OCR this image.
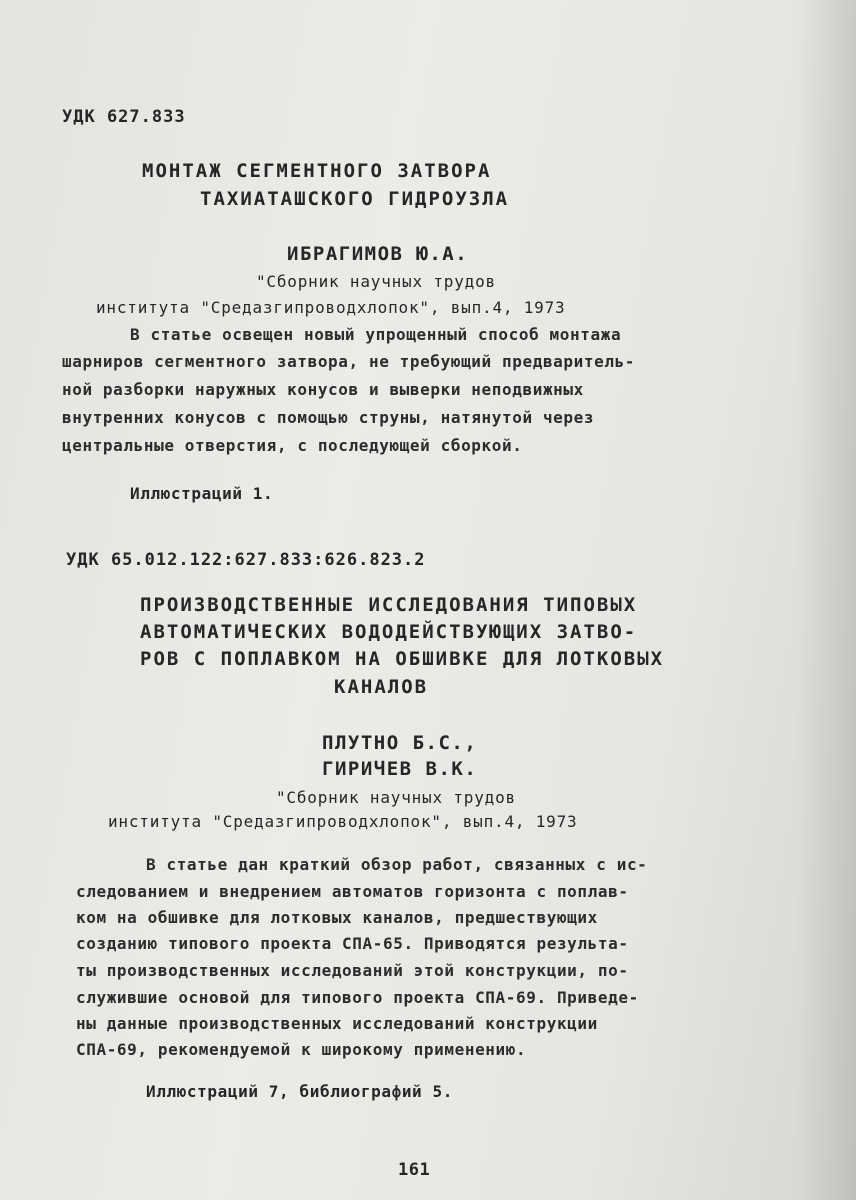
УДК 627.833
МОНТАЖ СЕГМЕНТНОГО ЗАТВОРА
ТАХИАТАШСКОГО ГИДРОУЗЛА
ИБРАГИМОВ Ю.А.
"Сборник научных трудов
института "Средазгипроводхлопок", вып.4, 1973
В статье освещен новый упрощенный способ монтажа
шарниров сегментного затвора, не требующий предваритель-
ной разборки наружных конусов и выверки неподвижных
внутренних конусов с помощью струны, натянутой через
центральные отверстия, с последующей сборкой.
Иллюстраций 1.
УДК 65.012.122:627.833:626.823.2
ПРОИЗВОДСТВЕННЫЕ ИССЛЕДОВАНИЯ ТИПОВЫХ
АВТОМАТИЧЕСКИХ ВОДОДЕЙСТВУЮЩИХ ЗАТВО-
РОВ С ПОПЛАВКОМ НА ОБШИВКЕ ДЛЯ ЛОТКОВЫХ
КАНАЛОВ
ПЛУТНО Б.С.,
ГИРИЧЕВ В.К.
"Сборник научных трудов
института "Средазгипроводхлопок", вып.4, 1973
В статье дан краткий обзор работ, связанных с ис-
следованием и внедрением автоматов горизонта с поплав-
ком на обшивке для лотковых каналов, предшествующих
созданию типового проекта СПА-65. Приводятся результа-
ты производственных исследований этой конструкции, по-
служившие основой для типового проекта СПА-69. Приведе-
ны данные производственных исследований конструкции
СПА-69, рекомендуемой к широкому применению.
Иллюстраций 7, библиографий 5.
161
